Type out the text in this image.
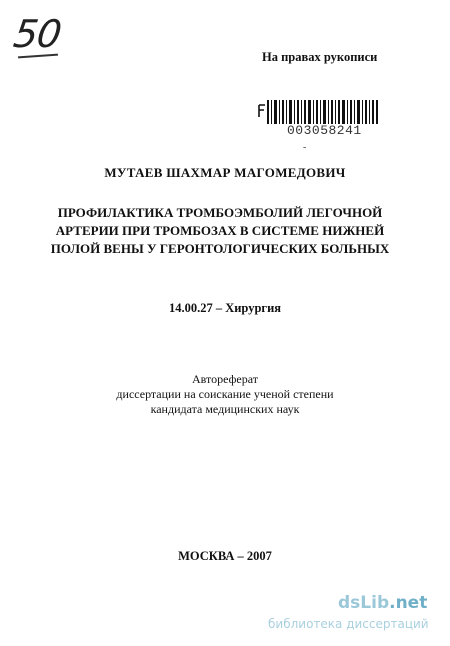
50
На правах рукописи
003058241
-
МУТАЕВ ШАХМАР МАГОМЕДОВИЧ
ПРОФИЛАКТИКА ТРОМБОЭМБОЛИЙ ЛЕГОЧНОЙ
АРТЕРИИ ПРИ ТРОМБОЗАХ В СИСТЕМЕ НИЖНЕЙ
ПОЛОЙ ВЕНЫ У ГЕРОНТОЛОГИЧЕСКИХ БОЛЬНЫХ
14.00.27 – Хирургия
Автореферат
диссертации на соискание ученой степени
кандидата медицинских наук
МОСКВА – 2007
dsLib.net
библиотека диссертаций
